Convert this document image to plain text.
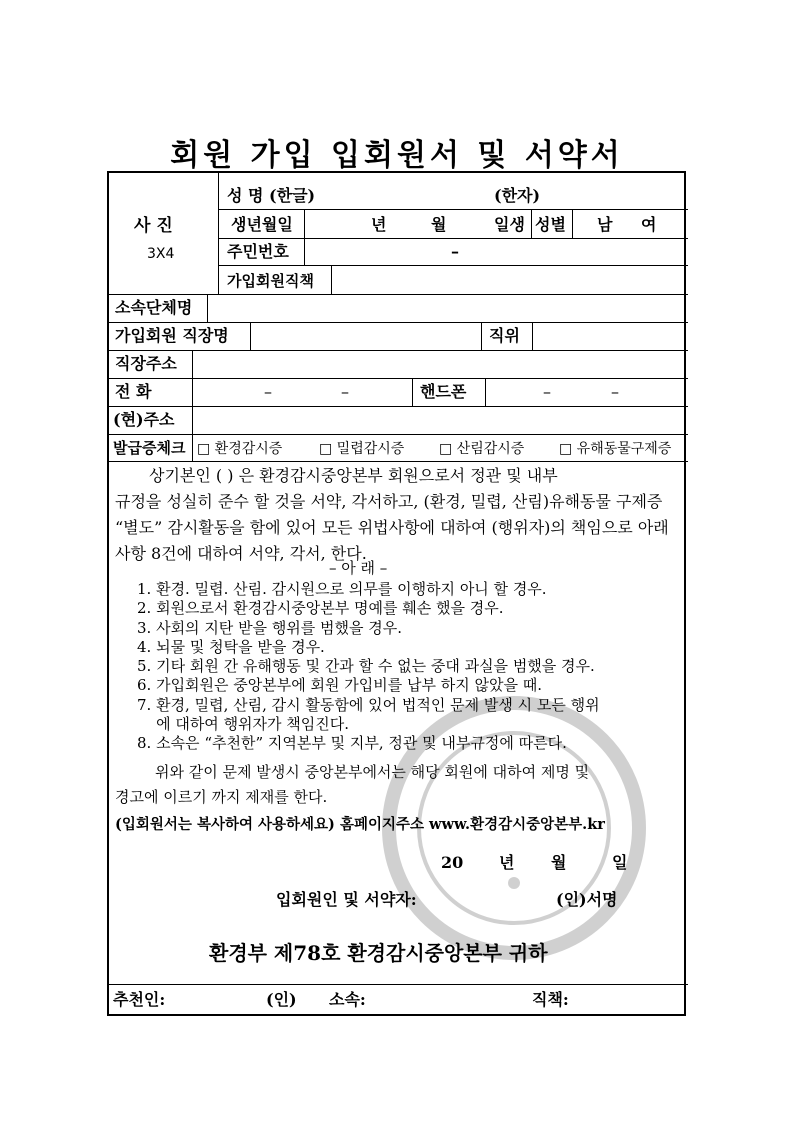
회원 가입 입회원서 및 서약서
사 진
3X4
성 명 (한글)	(한자)
생년월일	년	월	일생 성별 남 여
주민번호	–
가입회원직책
소속단체명
가입회원 직장명	직위
직장주소
전 화	–	–	핸드폰	–	–
(현)주소
발급증체크 □ 환경감시증	□ 밀렵감시증 □ 산림감시증 □ 유해동물구제증
상기본인 ( ) 은 환경감시중앙본부 회원으로서 정관 및 내부
규정을 성실히 준수 할 것을 서약, 각서하고, (환경, 밀렵, 산림)유해동물 구제증
“별도” 감시활동을 함에 있어 모든 위법사항에 대하여 (행위자)의 책임으로 아래
사항 8건에 대하여 서약, 각서, 한다.
– 아 래 –
1. 환경. 밀렵. 산림. 감시원으로 의무를 이행하지 아니 할 경우.
2. 회원으로서 환경감시중앙본부 명예를 훼손 했을 경우.
3. 사회의 지탄 받을 행위를 범했을 경우.
4. 뇌물 및 청탁을 받을 경우.
5. 기타 회원 간 유해행동 및 간과 할 수 없는 중대 과실을 범했을 경우.
6. 가입회원은 중앙본부에 회원 가입비를 납부 하지 않았을 때.
7. 환경, 밀렵, 산림, 감시 활동함에 있어 법적인 문제 발생 시 모든 행위
에 대하여 행위자가 책임진다.
8. 소속은 “추천한” 지역본부 및 지부, 정관 및 내부규정에 따른다.
위와 같이 문제 발생시 중앙본부에서는 해당 회원에 대하여 제명 및
경고에 이르기 까지 제재를 한다.
(입회원서는 복사하여 사용하세요) 홈페이지주소 www.환경감시중앙본부.kr
20 년 월	일
입회원인 및 서약자:	(인)서명
환경부 제78호 환경감시중앙본부 귀하
추천인:	(인) 소속:	직책:
